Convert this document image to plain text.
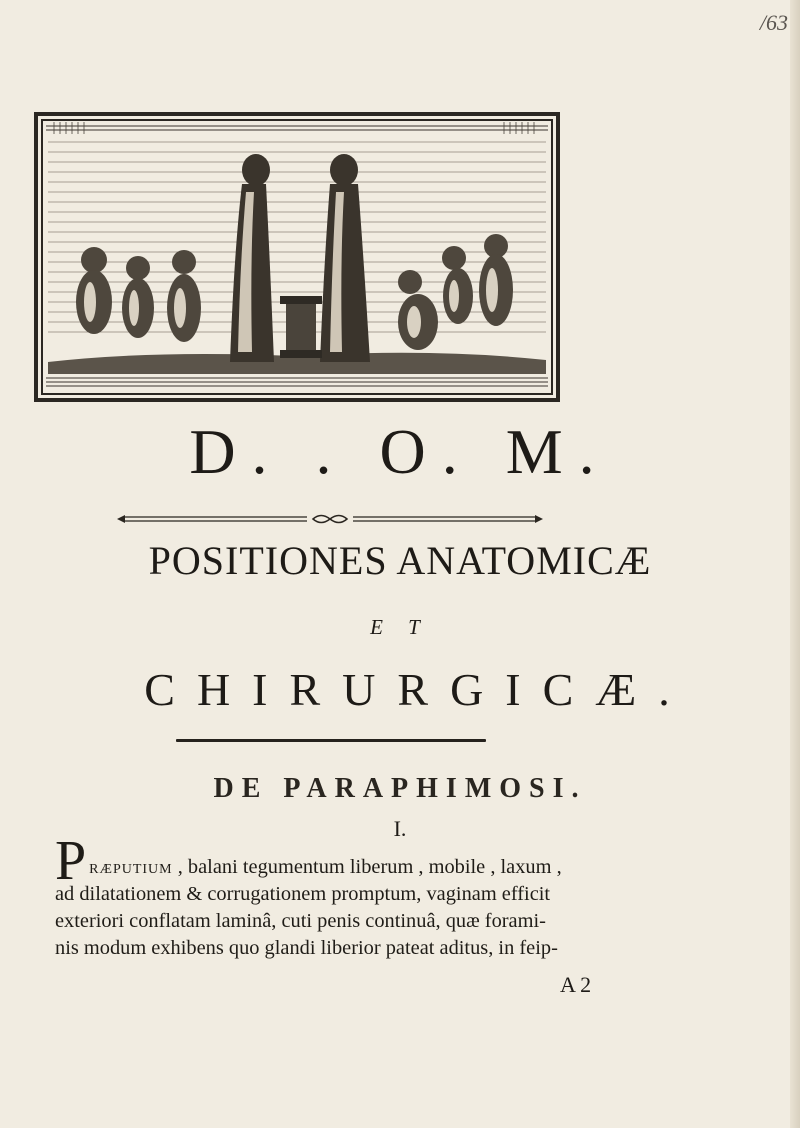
/63
D. . O. M.
POSITIONES ANATOMICÆ
E T
CHIRURGICÆ.
DE PARAPHIMOSI.
I.
Præputium , balani tegumentum liberum , mobile , laxum ,
ad dilatationem & corrugationem promptum, vaginam efficit
exteriori conflatam laminâ, cuti penis continuâ, quæ forami-
nis modum exhibens quo glandi liberior pateat aditus, in feip-
A 2
